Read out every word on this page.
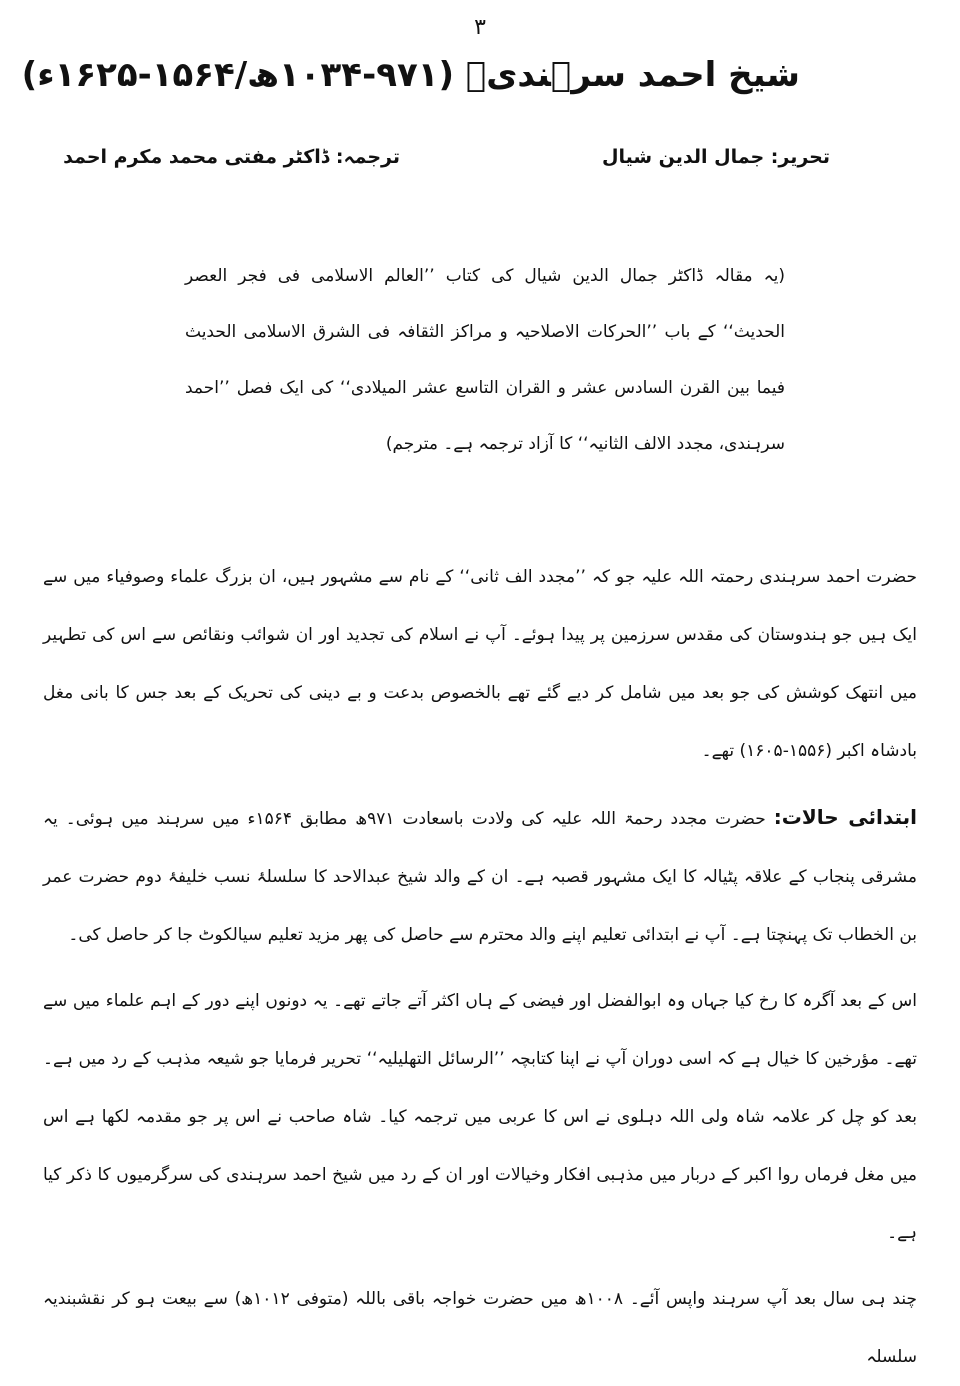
۳
شیخ احمد سرہندیؒ (۹۷۱-۱۰۳۴ھ/۱۵۶۴-۱۶۲۵ء)
تحریر: جمال الدین شیال
ترجمہ: ڈاکٹر مفتی محمد مکرم احمد

(یہ مقالہ ڈاکٹر جمال الدین شیال کی کتاب ’’العالم الاسلامی فی فجر العصر الحدیث‘‘ کے باب ’’الحرکات الاصلاحیہ و مراکز الثقافہ فی الشرق الاسلامی الحدیث فیما بین القرن السادس عشر و القران التاسع عشر المیلادی‘‘ کی ایک فصل ’’احمد سرہندی، مجدد الالف الثانیہ‘‘ کا آزاد ترجمہ ہے۔ مترجم)

حضرت احمد سرہندی رحمتہ اللہ علیہ جو کہ ’’مجدد الف ثانی‘‘ کے نام سے مشہور ہیں، ان بزرگ علماء وصوفیاء میں سے ایک ہیں جو ہندوستان کی مقدس سرزمین پر پیدا ہوئے۔ آپ نے اسلام کی تجدید اور ان شوائب ونقائص سے اس کی تطہیر میں انتھک کوشش کی جو بعد میں شامل کر دیے گئے تھے بالخصوص بدعت و بے دینی کی تحریک کے بعد جس کا بانی مغل بادشاہ اکبر (۱۵۵۶-۱۶۰۵) تھے۔

ابتدائی حالات: حضرت مجدد رحمۃ اللہ علیہ کی ولادت باسعادت ۹۷۱ھ مطابق ۱۵۶۴ء میں سرہند میں ہوئی۔ یہ مشرقی پنجاب کے علاقہ پٹیالہ کا ایک مشہور قصبہ ہے۔ ان کے والد شیخ عبدالاحد کا سلسلۂ نسب خلیفۂ دوم حضرت عمر بن الخطاب تک پہنچتا ہے۔ آپ نے ابتدائی تعلیم اپنے والد محترم سے حاصل کی پھر مزید تعلیم سیالکوٹ جا کر حاصل کی۔

اس کے بعد آگرہ کا رخ کیا جہاں وہ ابوالفضل اور فیضی کے ہاں اکثر آتے جاتے تھے۔ یہ دونوں اپنے دور کے اہم علماء میں سے تھے۔ مؤرخین کا خیال ہے کہ اسی دوران آپ نے اپنا کتابچہ ’’الرسائل التھلیلیہ‘‘ تحریر فرمایا جو شیعہ مذہب کے رد میں ہے۔ بعد کو چل کر علامہ شاہ ولی اللہ دہلوی نے اس کا عربی میں ترجمہ کیا۔ شاہ صاحب نے اس پر جو مقدمہ لکھا ہے اس میں مغل فرماں روا اکبر کے دربار میں مذہبی افکار وخیالات اور ان کے رد میں شیخ احمد سرہندی کی سرگرمیوں کا ذکر کیا ہے۔

چند ہی سال بعد آپ سرہند واپس آئے۔ ۱۰۰۸ھ میں حضرت خواجہ باقی باللہ (متوفی ۱۰۱۲ھ) سے بیعت ہو کر نقشبندیہ سلسلہ
